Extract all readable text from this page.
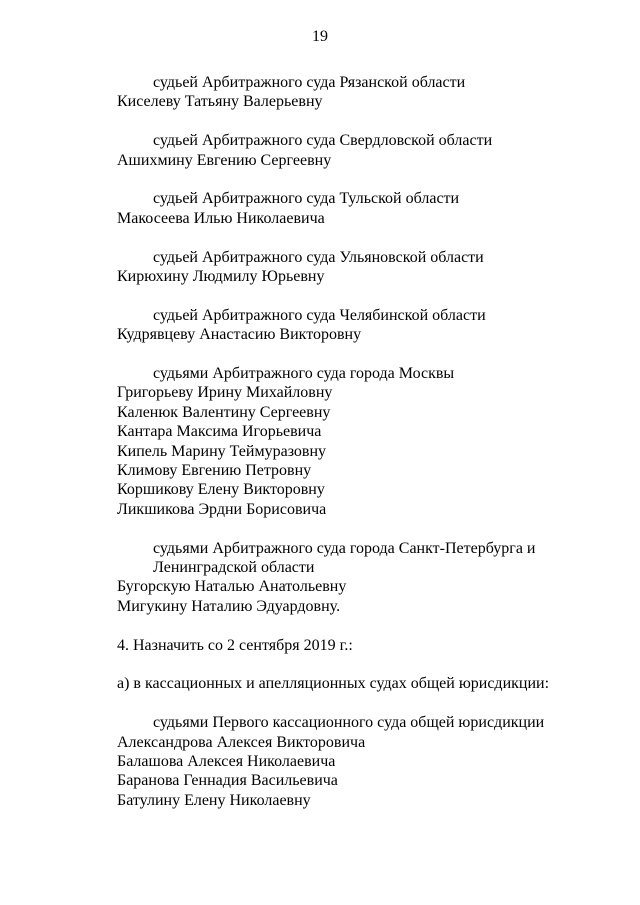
19
судьей Арбитражного суда Рязанской области
Киселеву Татьяну Валерьевну
судьей Арбитражного суда Свердловской области
Ашихмину Евгению Сергеевну
судьей Арбитражного суда Тульской области
Макосеева Илью Николаевича
судьей Арбитражного суда Ульяновской области
Кирюхину Людмилу Юрьевну
судьей Арбитражного суда Челябинской области
Кудрявцеву Анастасию Викторовну
судьями Арбитражного суда города Москвы
Григорьеву Ирину Михайловну
Каленюк Валентину Сергеевну
Кантара Максима Игорьевича
Кипель Марину Теймуразовну
Климову Евгению Петровну
Коршикову Елену Викторовну
Ликшикова Эрдни Борисовича
судьями Арбитражного суда города Санкт-Петербурга и
Ленинградской области
Бугорскую Наталью Анатольевну
Мигукину Наталию Эдуардовну.
4. Назначить со 2 сентября 2019 г.:
а) в кассационных и апелляционных судах общей юрисдикции:
судьями Первого кассационного суда общей юрисдикции
Александрова Алексея Викторовича
Балашова Алексея Николаевича
Баранова Геннадия Васильевича
Батулину Елену Николаевну
